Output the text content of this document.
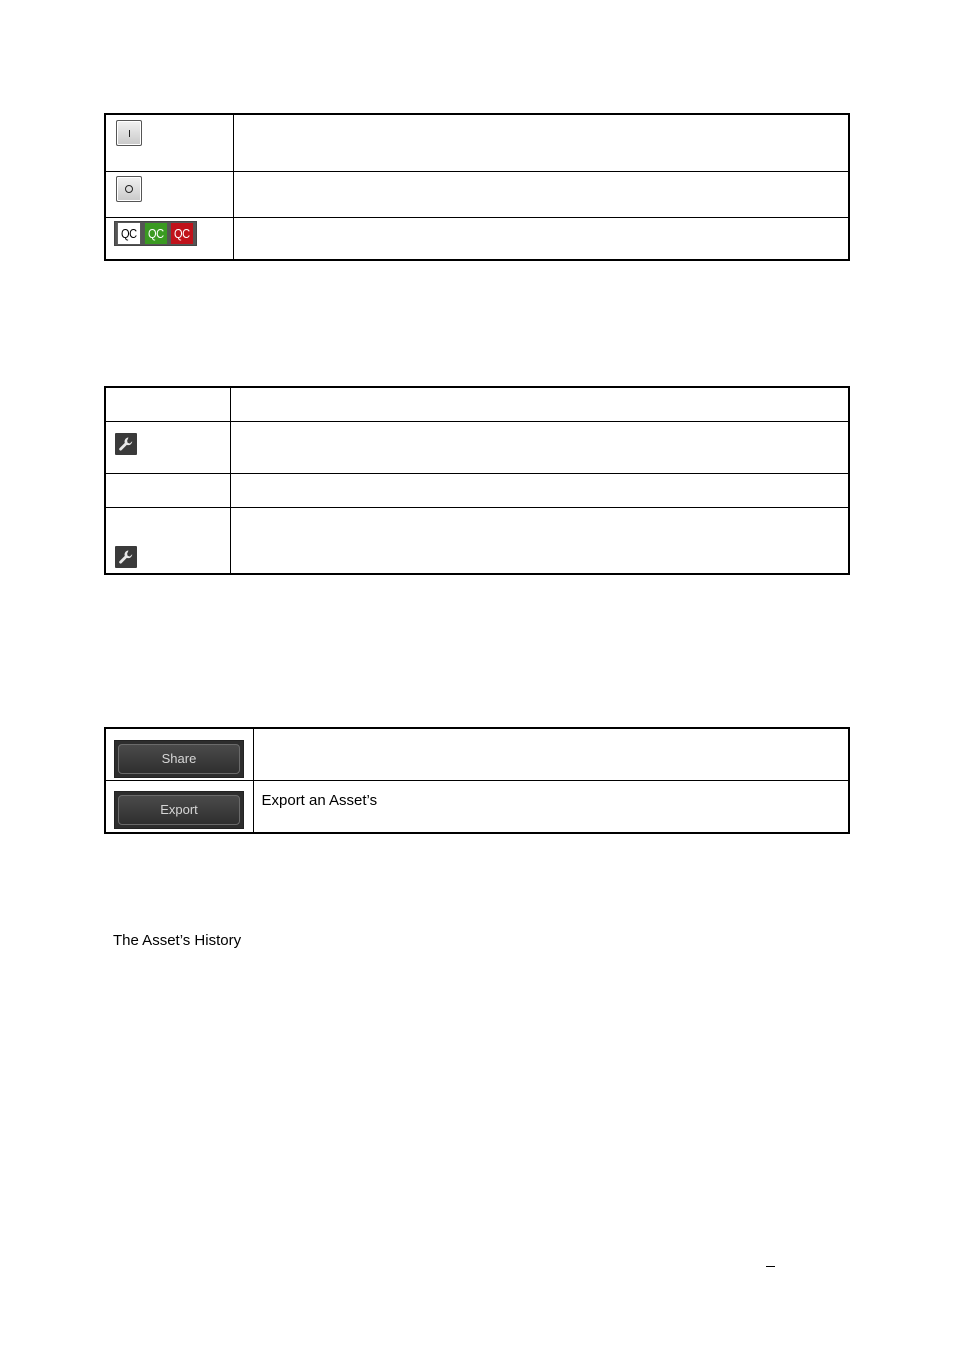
QC QC QC	

Share	

Export	Export an Asset’s
The Asset’s History
